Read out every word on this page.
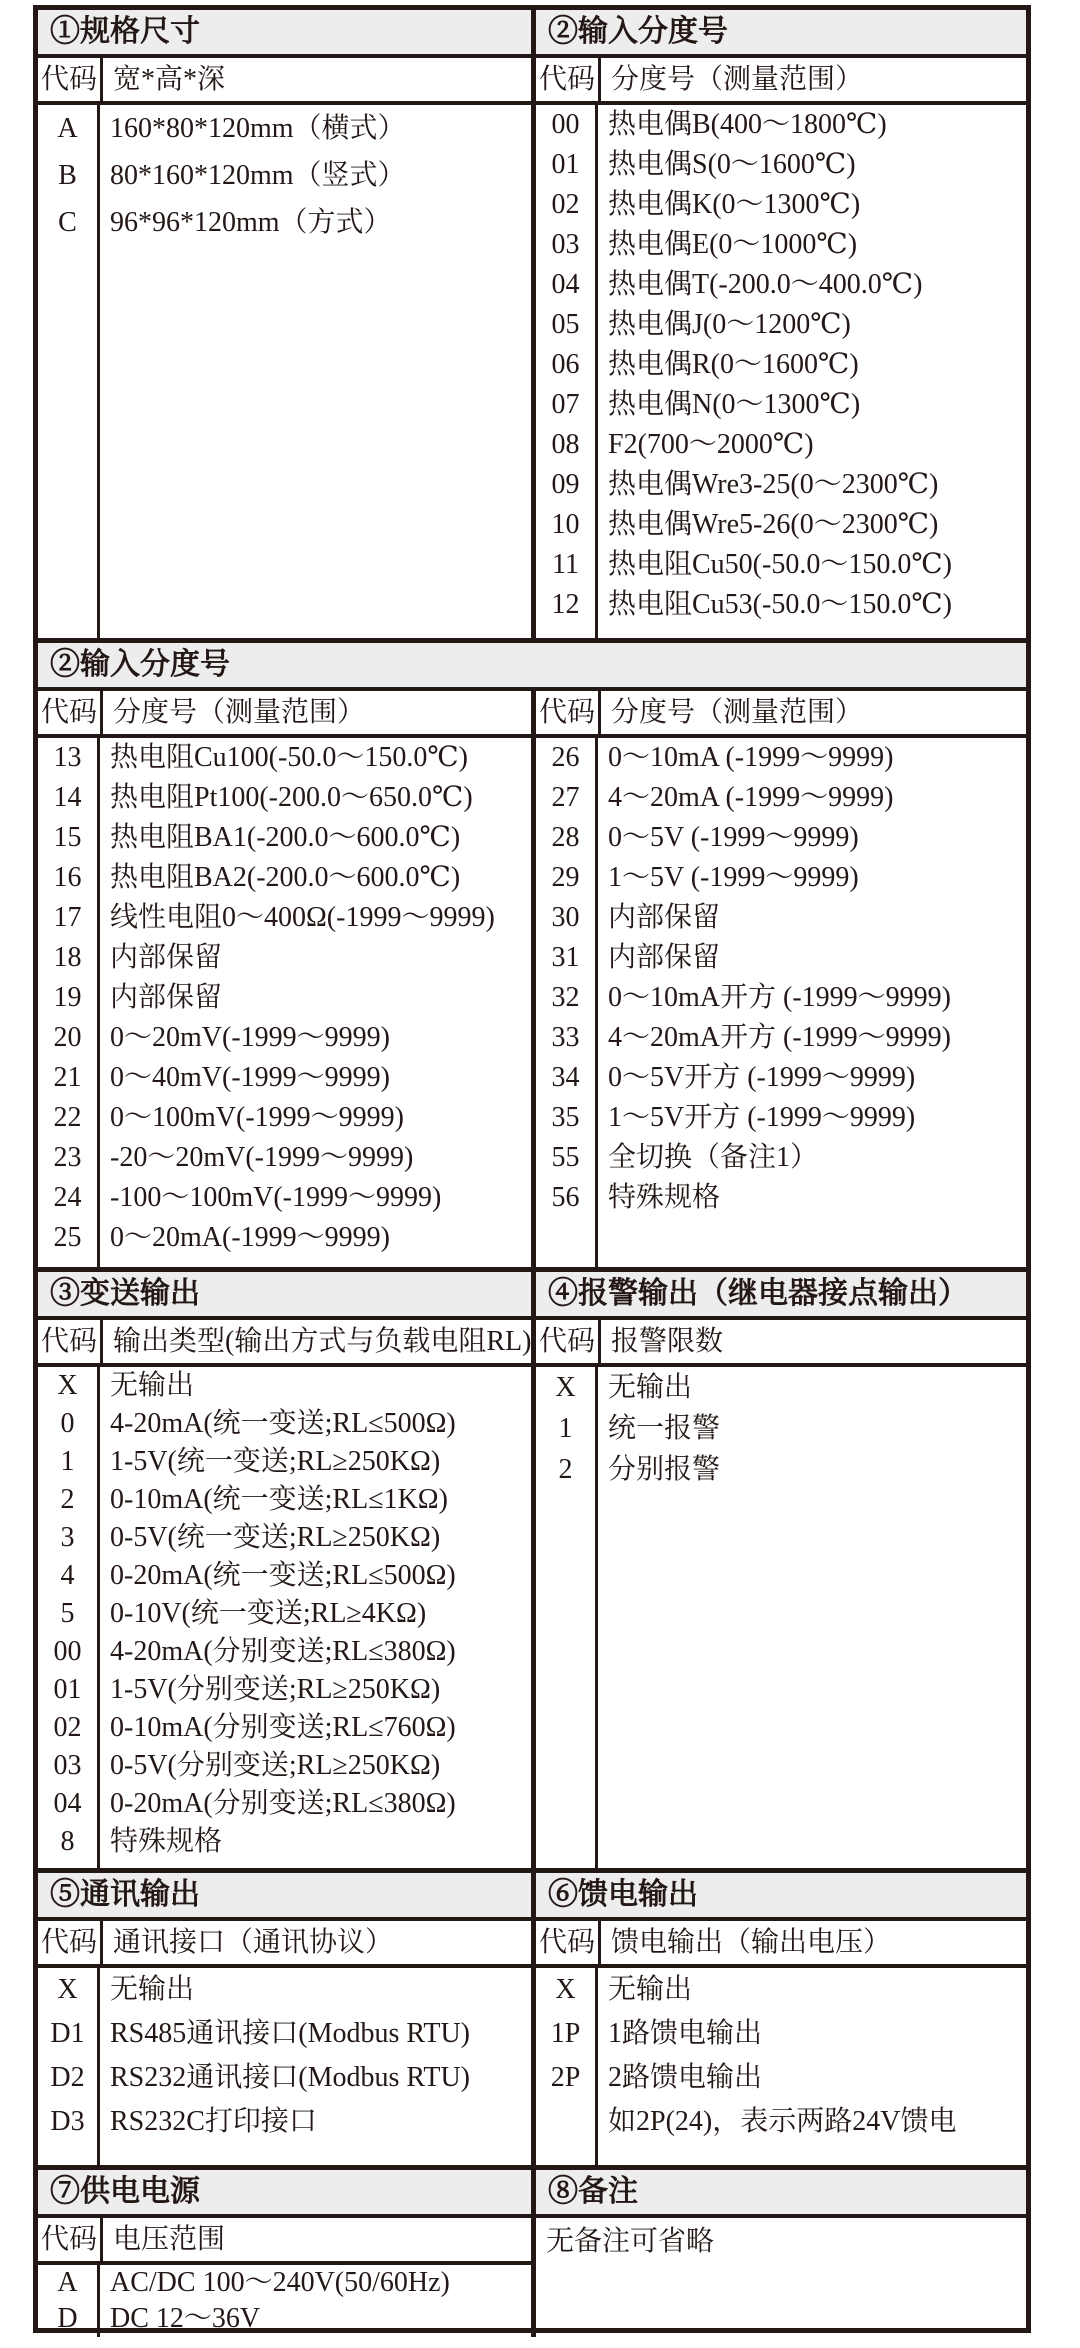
①规格尺寸
代码 宽*高*深
A	160*80*120mm（横式）
B	80*160*120mm（竖式）
C	96*96*120mm（方式）
②输入分度号
代码 分度号（测量范围）
00	热电偶B(400～1800℃)
01	热电偶S(0～1600℃)
02	热电偶K(0～1300℃)
03	热电偶E(0～1000℃)
04	热电偶T(-200.0～400.0℃)
05	热电偶J(0～1200℃)
06	热电偶R(0～1600℃)
07	热电偶N(0～1300℃)
08	F2(700～2000℃)
09	热电偶Wre3-25(0～2300℃)
10	热电偶Wre5-26(0～2300℃)
11	热电阻Cu50(-50.0～150.0℃)
12	热电阻Cu53(-50.0～150.0℃)
②输入分度号
代码 分度号（测量范围）
13	热电阻Cu100(-50.0～150.0℃)
14	热电阻Pt100(-200.0～650.0℃)
15	热电阻BA1(-200.0～600.0℃)
16	热电阻BA2(-200.0～600.0℃)
17	线性电阻0～400Ω(-1999～9999)
18	内部保留
19	内部保留
20	0～20mV(-1999～9999)
21	0～40mV(-1999～9999)
22	0～100mV(-1999～9999)
23	-20～20mV(-1999～9999)
24	-100～100mV(-1999～9999)
25	0～20mA(-1999～9999)
代码 分度号（测量范围）
26	0～10mA (-1999～9999)
27	4～20mA (-1999～9999)
28	0～5V (-1999～9999)
29	1～5V (-1999～9999)
30	内部保留
31	内部保留
32	0～10mA开方 (-1999～9999)
33	4～20mA开方 (-1999～9999)
34	0～5V开方 (-1999～9999)
35	1～5V开方 (-1999～9999)
55	全切换（备注1）
56	特殊规格
③变送输出
代码 输出类型(输出方式与负载电阻RL)
X	无输出
0	4-20mA(统一变送;RL≤500Ω)
1	1-5V(统一变送;RL≥250KΩ)
2	0-10mA(统一变送;RL≤1KΩ)
3	0-5V(统一变送;RL≥250KΩ)
4	0-20mA(统一变送;RL≤500Ω)
5	0-10V(统一变送;RL≥4KΩ)
00	4-20mA(分别变送;RL≤380Ω)
01	1-5V(分别变送;RL≥250KΩ)
02	0-10mA(分别变送;RL≤760Ω)
03	0-5V(分别变送;RL≥250KΩ)
04	0-20mA(分别变送;RL≤380Ω)
8	特殊规格
④报警输出（继电器接点输出）
代码 报警限数
X	无输出
1	统一报警
2	分别报警
⑤通讯输出
代码 通讯接口（通讯协议）
X	无输出
D1 RS485通讯接口(Modbus RTU)
D2 RS232通讯接口(Modbus RTU)
D3 RS232C打印接口
⑥馈电输出
代码 馈电输出（输出电压）
X	无输出
1P 1路馈电输出
2P 2路馈电输出
如2P(24)，表示两路24V馈电
⑦供电电源
代码 电压范围
A	AC/DC 100～240V(50/60Hz)
D	DC 12～36V
⑧备注
无备注可省略
